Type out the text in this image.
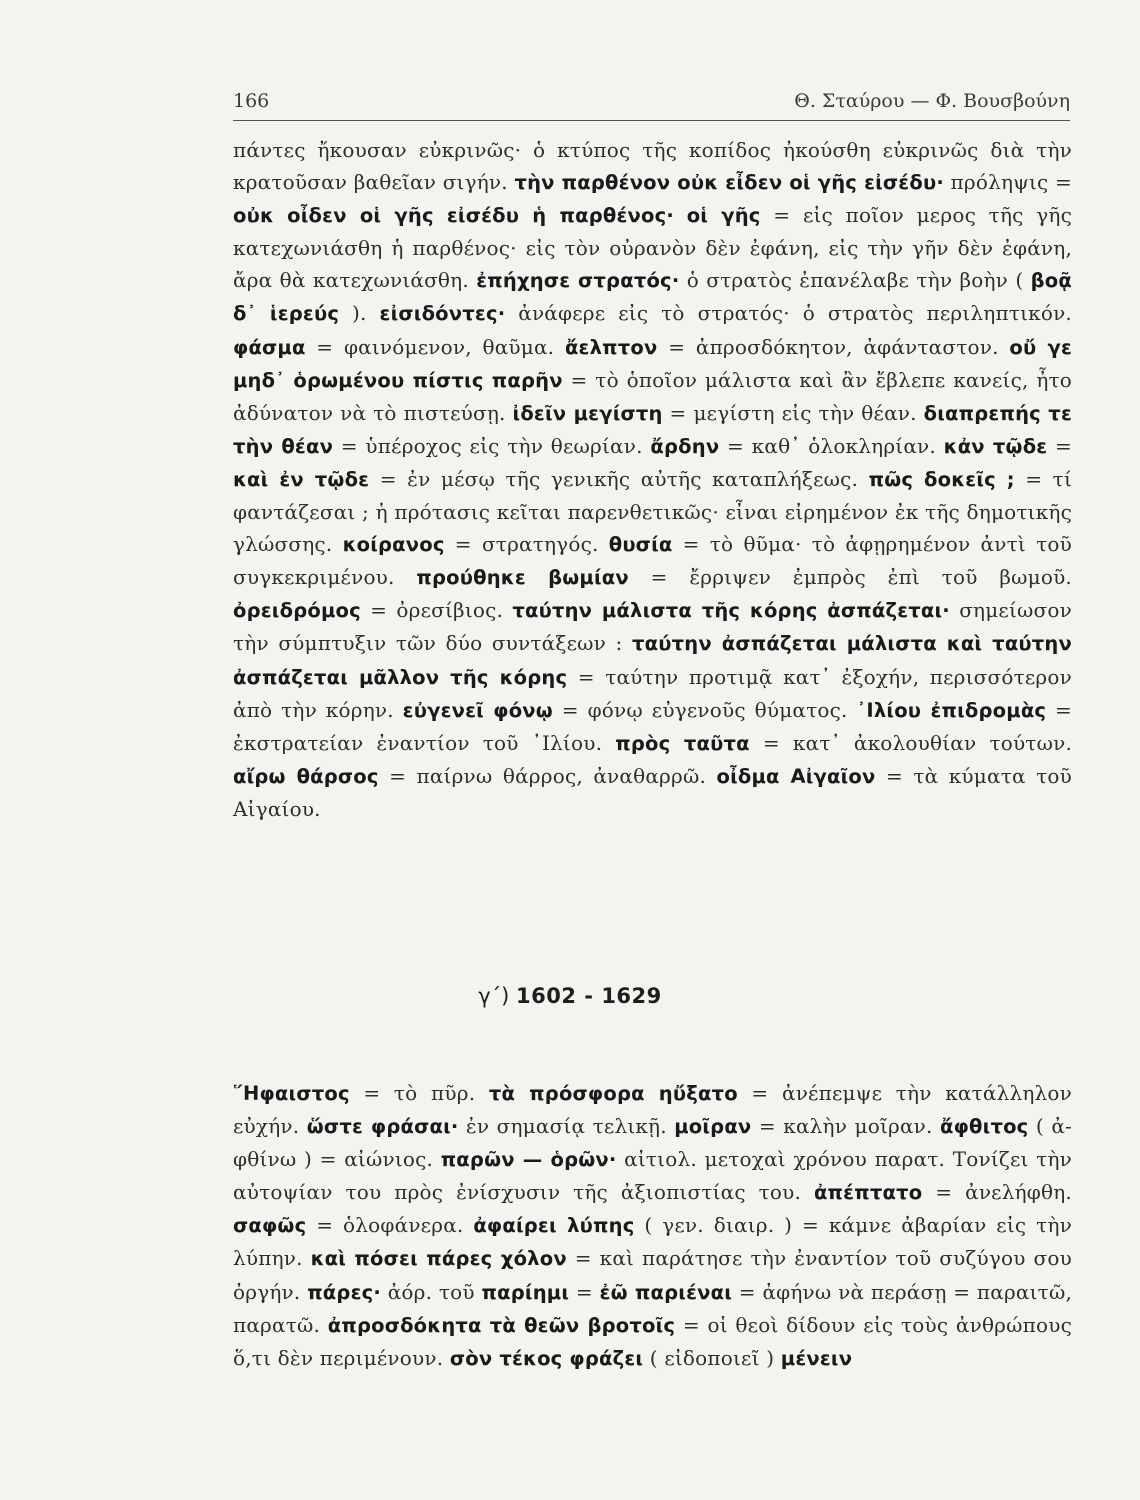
166	Θ. Σταύρου — Φ. Βουσβούνη
πάντες ἤκουσαν εὐκρινῶς· ὁ κτύπος τῆς κοπίδος ἠκούσθη εὐκρινῶς διὰ τὴν κρατοῦσαν βαθεῖαν σιγήν. τὴν παρθένον οὐκ εἶδεν οἱ γῆς εἰσέδυ· πρόληψις = οὐκ οἶδεν οἱ γῆς εἰσέδυ ἡ παρθένος· οἱ γῆς = εἰς ποῖον μερος τῆς γῆς κατεχωνιάσθη ἡ παρθένος· εἰς τὸν οὐρανὸν δὲν ἐφάνη, εἰς τὴν γῆν δὲν ἐφάνη, ἄρα θὰ κατεχωνιάσθη. ἐπήχησε στρατός· ὁ στρατὸς ἐπανέλαβε τὴν βοὴν ( βοᾷ δ᾽ ἱερεύς ). εἰσιδόντες· ἀνάφερε εἰς τὸ στρατός· ὁ στρατὸς περιληπτικόν. φάσμα = φαινόμενον, θαῦμα. ἄελπτον = ἀπροσδόκητον, ἀφάνταστον. οὔ γε μηδ᾽ ὁρωμένου πίστις παρῆν = τὸ ὁποῖον μάλιστα καὶ ἂν ἔβλεπε κανείς, ἦτο ἀδύνατον νὰ τὸ πιστεύσῃ. ἰδεῖν μεγίστη = μεγίστη εἰς τὴν θέαν. διαπρεπής τε τὴν θέαν = ὑπέροχος εἰς τὴν θεωρίαν. ἄρδην = καθ᾽ ὁλοκληρίαν. κἀν τῷδε = καὶ ἐν τῷδε = ἐν μέσῳ τῆς γενικῆς αὐτῆς καταπλήξεως. πῶς δοκεῖς ; = τί φαντάζεσαι ; ἡ πρότασις κεῖται παρενθετικῶς· εἶναι εἰρημένον ἐκ τῆς δημοτικῆς γλώσσης. κοίρανος = στρατηγός. θυσία = τὸ θῦμα· τὸ ἀφῃρημένον ἀντὶ τοῦ συγκεκριμένου. προύθηκε βωμίαν = ἔρριψεν ἐμπρὸς ἐπὶ τοῦ βωμοῦ. ὀρειδρόμος = ὀρεσίβιος. ταύτην μάλιστα τῆς κόρης ἀσπάζεται· σημείωσον τὴν σύμπτυξιν τῶν δύο συντάξεων : ταύτην ἀσπάζεται μάλιστα καὶ ταύτην ἀσπάζεται μᾶλλον τῆς κόρης = ταύτην προτιμᾷ κατ᾽ ἐξοχήν, περισσότερον ἀπὸ τὴν κόρην. εὐγενεῖ φόνῳ = φόνῳ εὐγενοῦς θύματος. ᾽Ιλίου ἐπιδρομὰς = ἐκστρατείαν ἐναντίον τοῦ ᾽Ιλίου. πρὸς ταῦτα = κατ᾽ ἀκολουθίαν τούτων. αἴρω θάρσος = παίρνω θάρρος, ἀναθαρρῶ. οἶδμα Αἰγαῖον = τὰ κύματα τοῦ Αἰγαίου.
γ΄) 1602 - 1629
῞Ηφαιστος = τὸ πῦρ. τὰ πρόσφορα ηὔξατο = ἀνέπεμψε τὴν κατάλληλον εὐχήν. ὥστε φράσαι· ἐν σημασίᾳ τελικῇ. μοῖραν = καλὴν μοῖραν. ἄφθιτος ( ἀ-φθίνω ) = αἰώνιος. παρῶν — ὁρῶν· αἰτιολ. μετοχαὶ χρόνου παρατ. Τονίζει τὴν αὐτοψίαν του πρὸς ἐνίσχυσιν τῆς ἀξιοπιστίας του. ἀπέπτατο = ἀνελήφθη. σαφῶς = ὁλοφάνερα. ἀφαίρει λύπης ( γεν. διαιρ. ) = κάμνε ἀβαρίαν εἰς τὴν λύπην. καὶ πόσει πάρες χόλον = καὶ παράτησε τὴν ἐναντίον τοῦ συζύγου σου ὀργήν. πάρες· ἀόρ. τοῦ παρίημι = ἐῶ παριέναι = ἀφήνω νὰ περάσῃ = παραιτῶ, παρατῶ. ἀπροσδόκητα τὰ θεῶν βροτοῖς = οἱ θεοὶ δίδουν εἰς τοὺς ἀνθρώπους ὅ,τι δὲν περιμένουν. σὸν τέκος φράζει ( εἰδοποιεῖ ) μένειν
